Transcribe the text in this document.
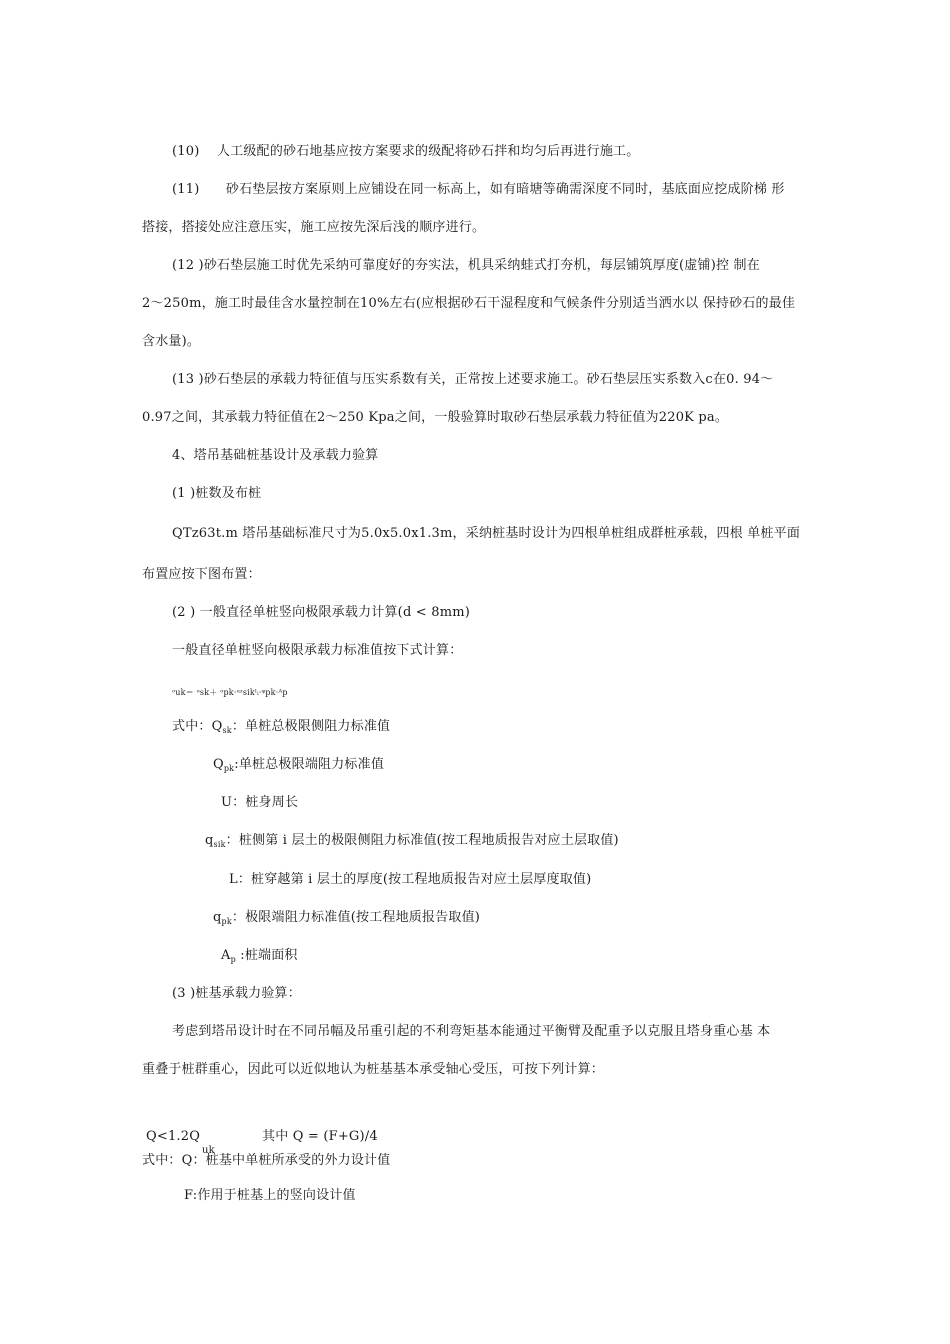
(10)　 人工级配的砂石地基应按方案要求的级配将砂石拌和均匀后再进行施工。

(11)　　砂石垫层按方案原则上应铺设在同一标高上，如有暗塘等确需深度不同时，基底面应挖成阶梯 形

搭接，搭接处应注意压实，施工应按先深后浅的顺序进行。

(12 )砂石垫层施工时优先采纳可靠度好的夯实法，机具采纳蛙式打夯机，每层铺筑厚度(虚铺)控 制在

2〜250m，施工时最佳含水量控制在10%左右(应根据砂石干湿程度和气候条件分别适当洒水以 保持砂石的最佳

含水量)。

(13 )砂石垫层的承载力特征值与压实系数有关，正常按上述要求施工。砂石垫层压实系数入c在0. 94〜

0.97之间，其承载力特征值在2〜250 Kpa之间，一般验算时取砂石垫层承载力特征值为220K pa。

4、塔吊基础桩基设计及承载力验算

(1 )桩数及布桩

QTz63t.m 塔吊基础标准尺寸为5.0x5.0x1.3m，采纳桩基时设计为四根单桩组成群桩承载，四根 单桩平面

布置应按下图布置：

(2 ) 一般直径单桩竖向极限承载力计算(d < 8mm)

一般直径单桩竖向极限承载力标准值按下式计算：

ᵒuk＝ ᵒsk＋ ᵒpk·ᵘᶻsikˡᵢ·ᵠpk·ᴬp

式中：$Q_{sk}$：单桩总极限侧阻力标准值

$Q_{pk}$:单桩总极限端阻力标准值

U：桩身周长

$q_{sik}$：桩侧第 i 层土的极限侧阻力标准值(按工程地质报告对应土层取值)

L：桩穿越第 i 层土的厚度(按工程地质报告对应土层厚度取值)

$q_{pk}$：极限端阻力标准值(按工程地质报告取值)

$A_p$ :桩端面积

(3 )桩基承载力验算：

考虑到塔吊设计时在不同吊幅及吊重引起的不利弯矩基本能通过平衡臂及配重予以克服且塔身重心基 本

重叠于桩群重心，因此可以近似地认为桩基基本承受轴心受压，可按下列计算：

Q<1.2Q

uk

其中 Q = (F+G)/4

式中：Q：桩基中单桩所承受的外力设计值

F:作用于桩基上的竖向设计值
